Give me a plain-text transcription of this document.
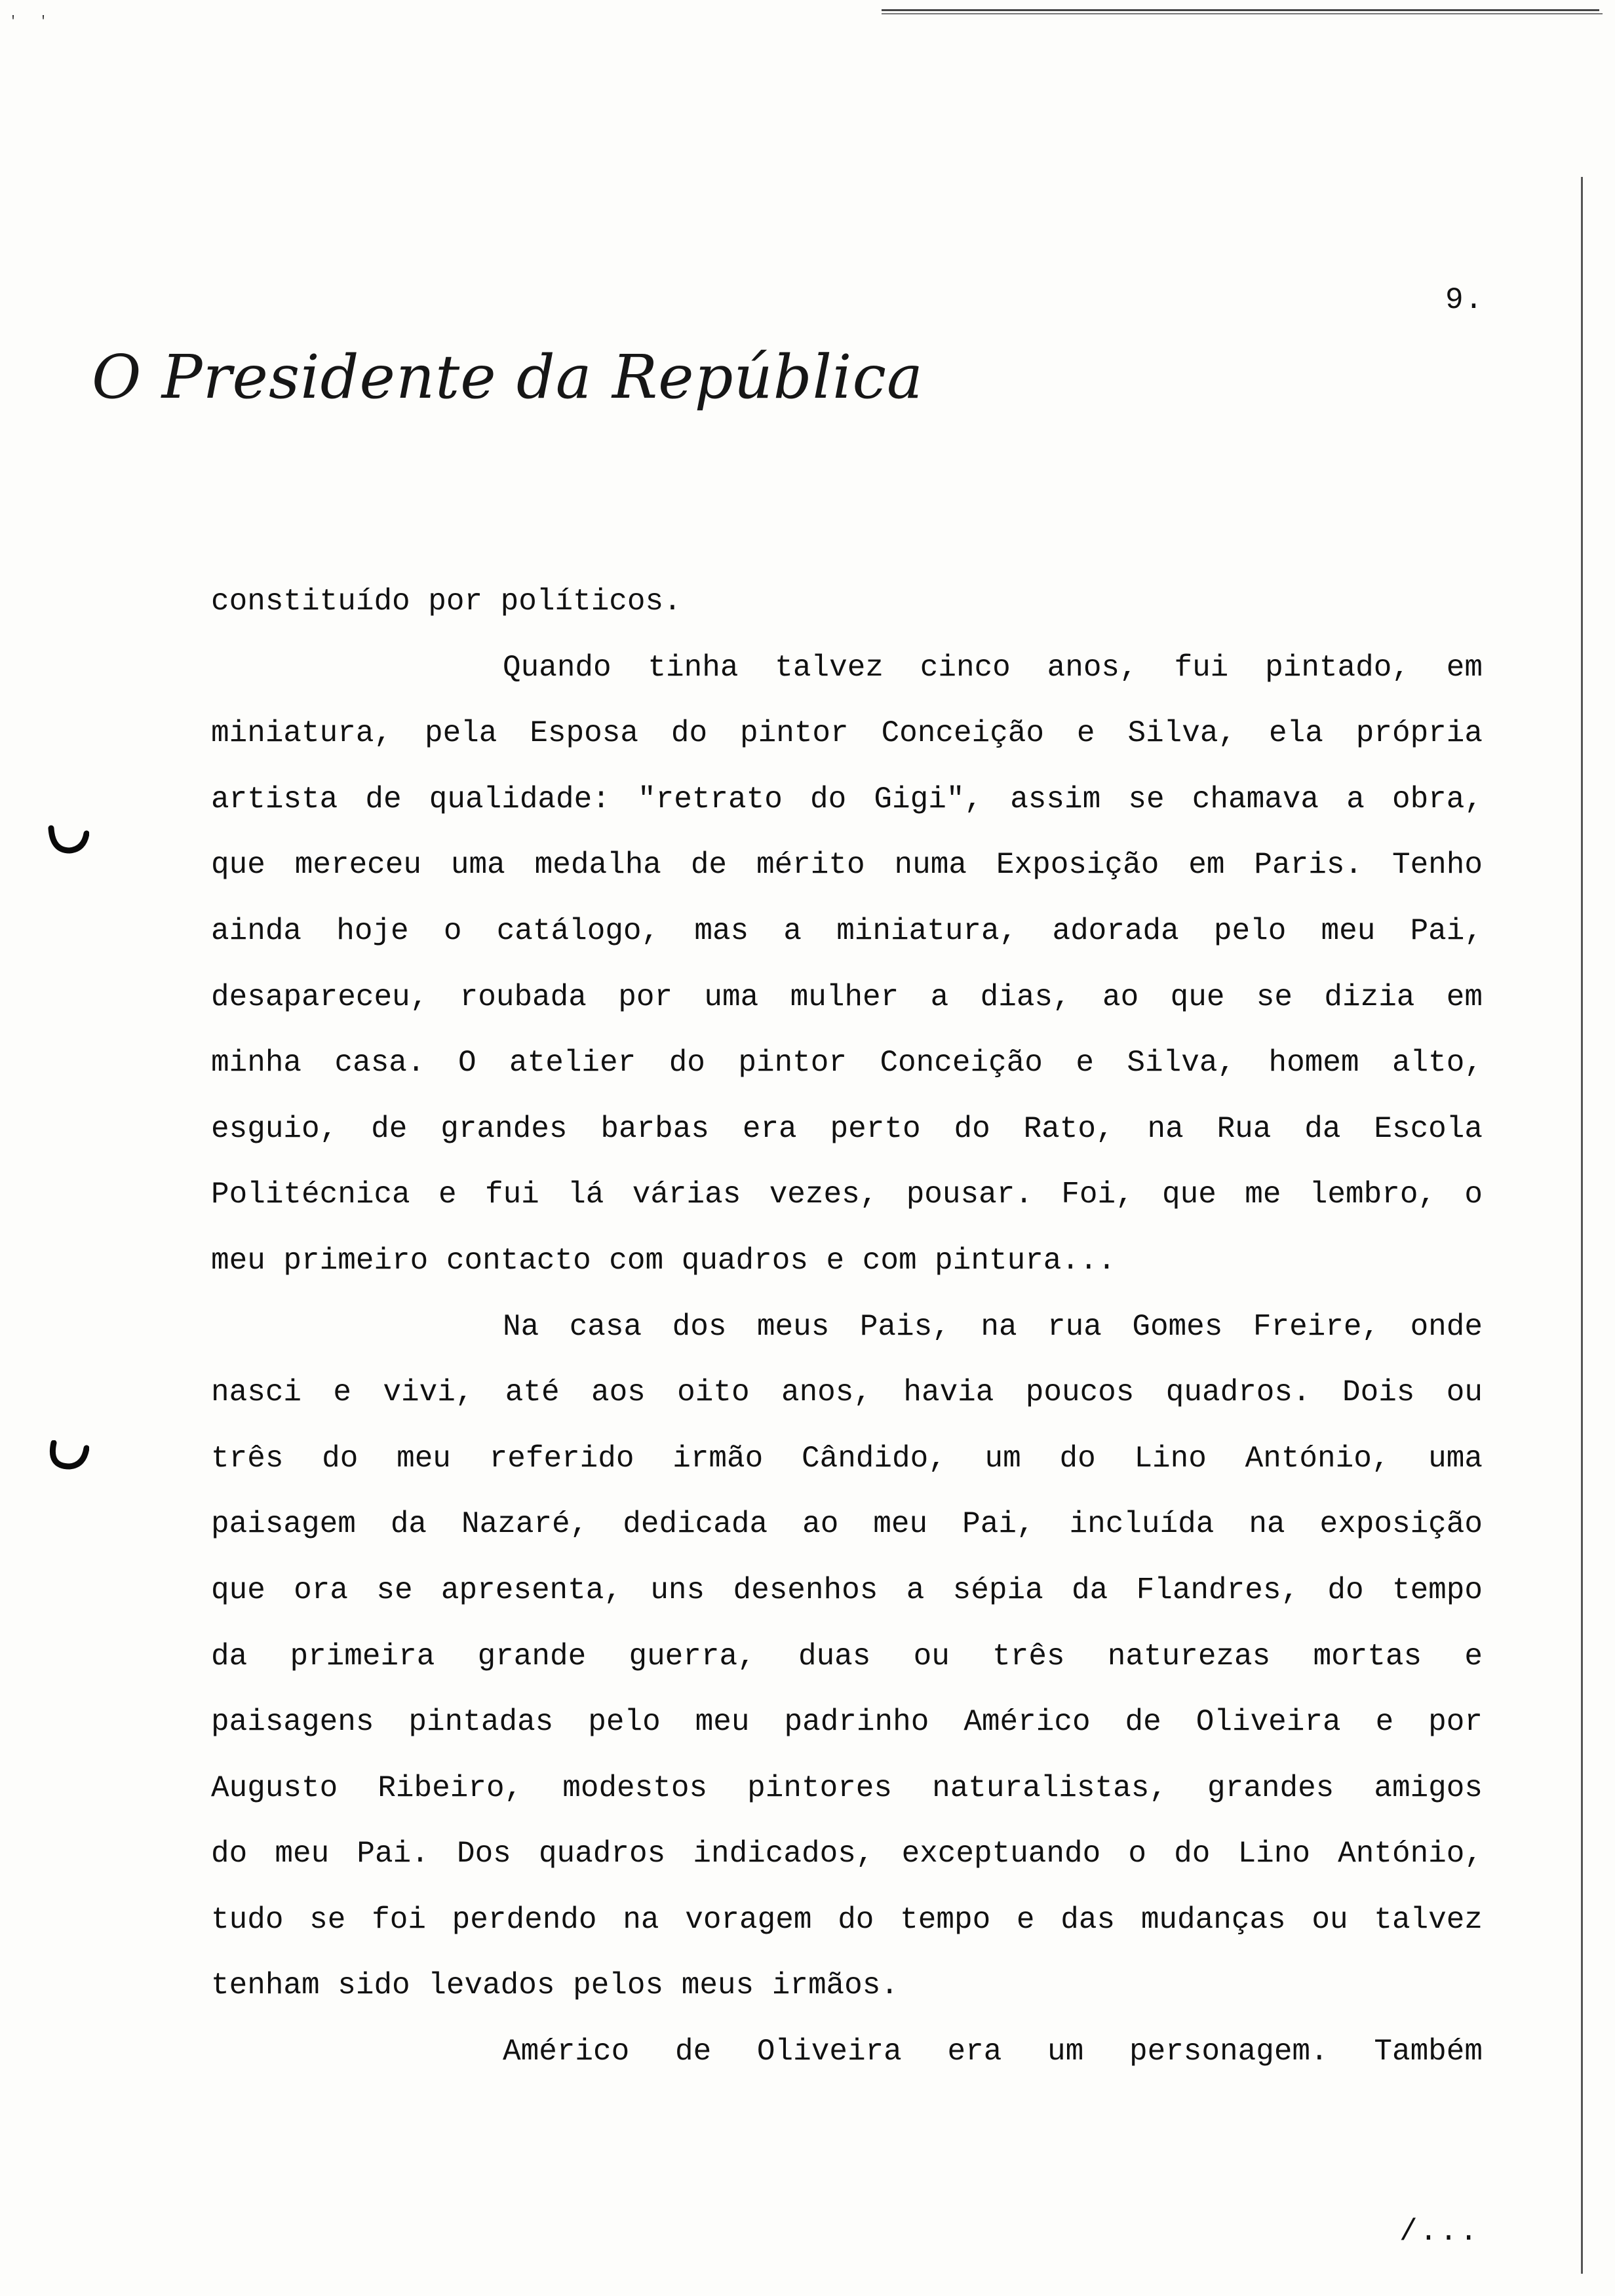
' '
9.
O Presidente da República
constituído por políticos.
Quando tinha talvez cinco anos, fui pintado, em
miniatura, pela Esposa do pintor Conceição e Silva, ela própria
artista de qualidade: "retrato do Gigi", assim se chamava a obra,
que mereceu uma medalha de mérito numa Exposição em Paris. Tenho
ainda hoje o catálogo, mas a miniatura, adorada pelo meu Pai,
desapareceu, roubada por uma mulher a dias, ao que se dizia em
minha casa. O atelier do pintor Conceição e Silva, homem alto,
esguio, de grandes barbas era perto do Rato, na Rua da Escola
Politécnica e fui lá várias vezes, pousar. Foi, que me lembro, o
meu primeiro contacto com quadros e com pintura...
Na casa dos meus Pais, na rua Gomes Freire, onde
nasci e vivi, até aos oito anos, havia poucos quadros. Dois ou
três do meu referido irmão Cândido, um do Lino António, uma
paisagem da Nazaré, dedicada ao meu Pai, incluída na exposição
que ora se apresenta, uns desenhos a sépia da Flandres, do tempo
da primeira grande guerra, duas ou três naturezas mortas e
paisagens pintadas pelo meu padrinho Américo de Oliveira e por
Augusto Ribeiro, modestos pintores naturalistas, grandes amigos
do meu Pai. Dos quadros indicados, exceptuando o do Lino António,
tudo se foi perdendo na voragem do tempo e das mudanças ou talvez
tenham sido levados pelos meus irmãos.
Américo de Oliveira era um personagem. Também
/...
